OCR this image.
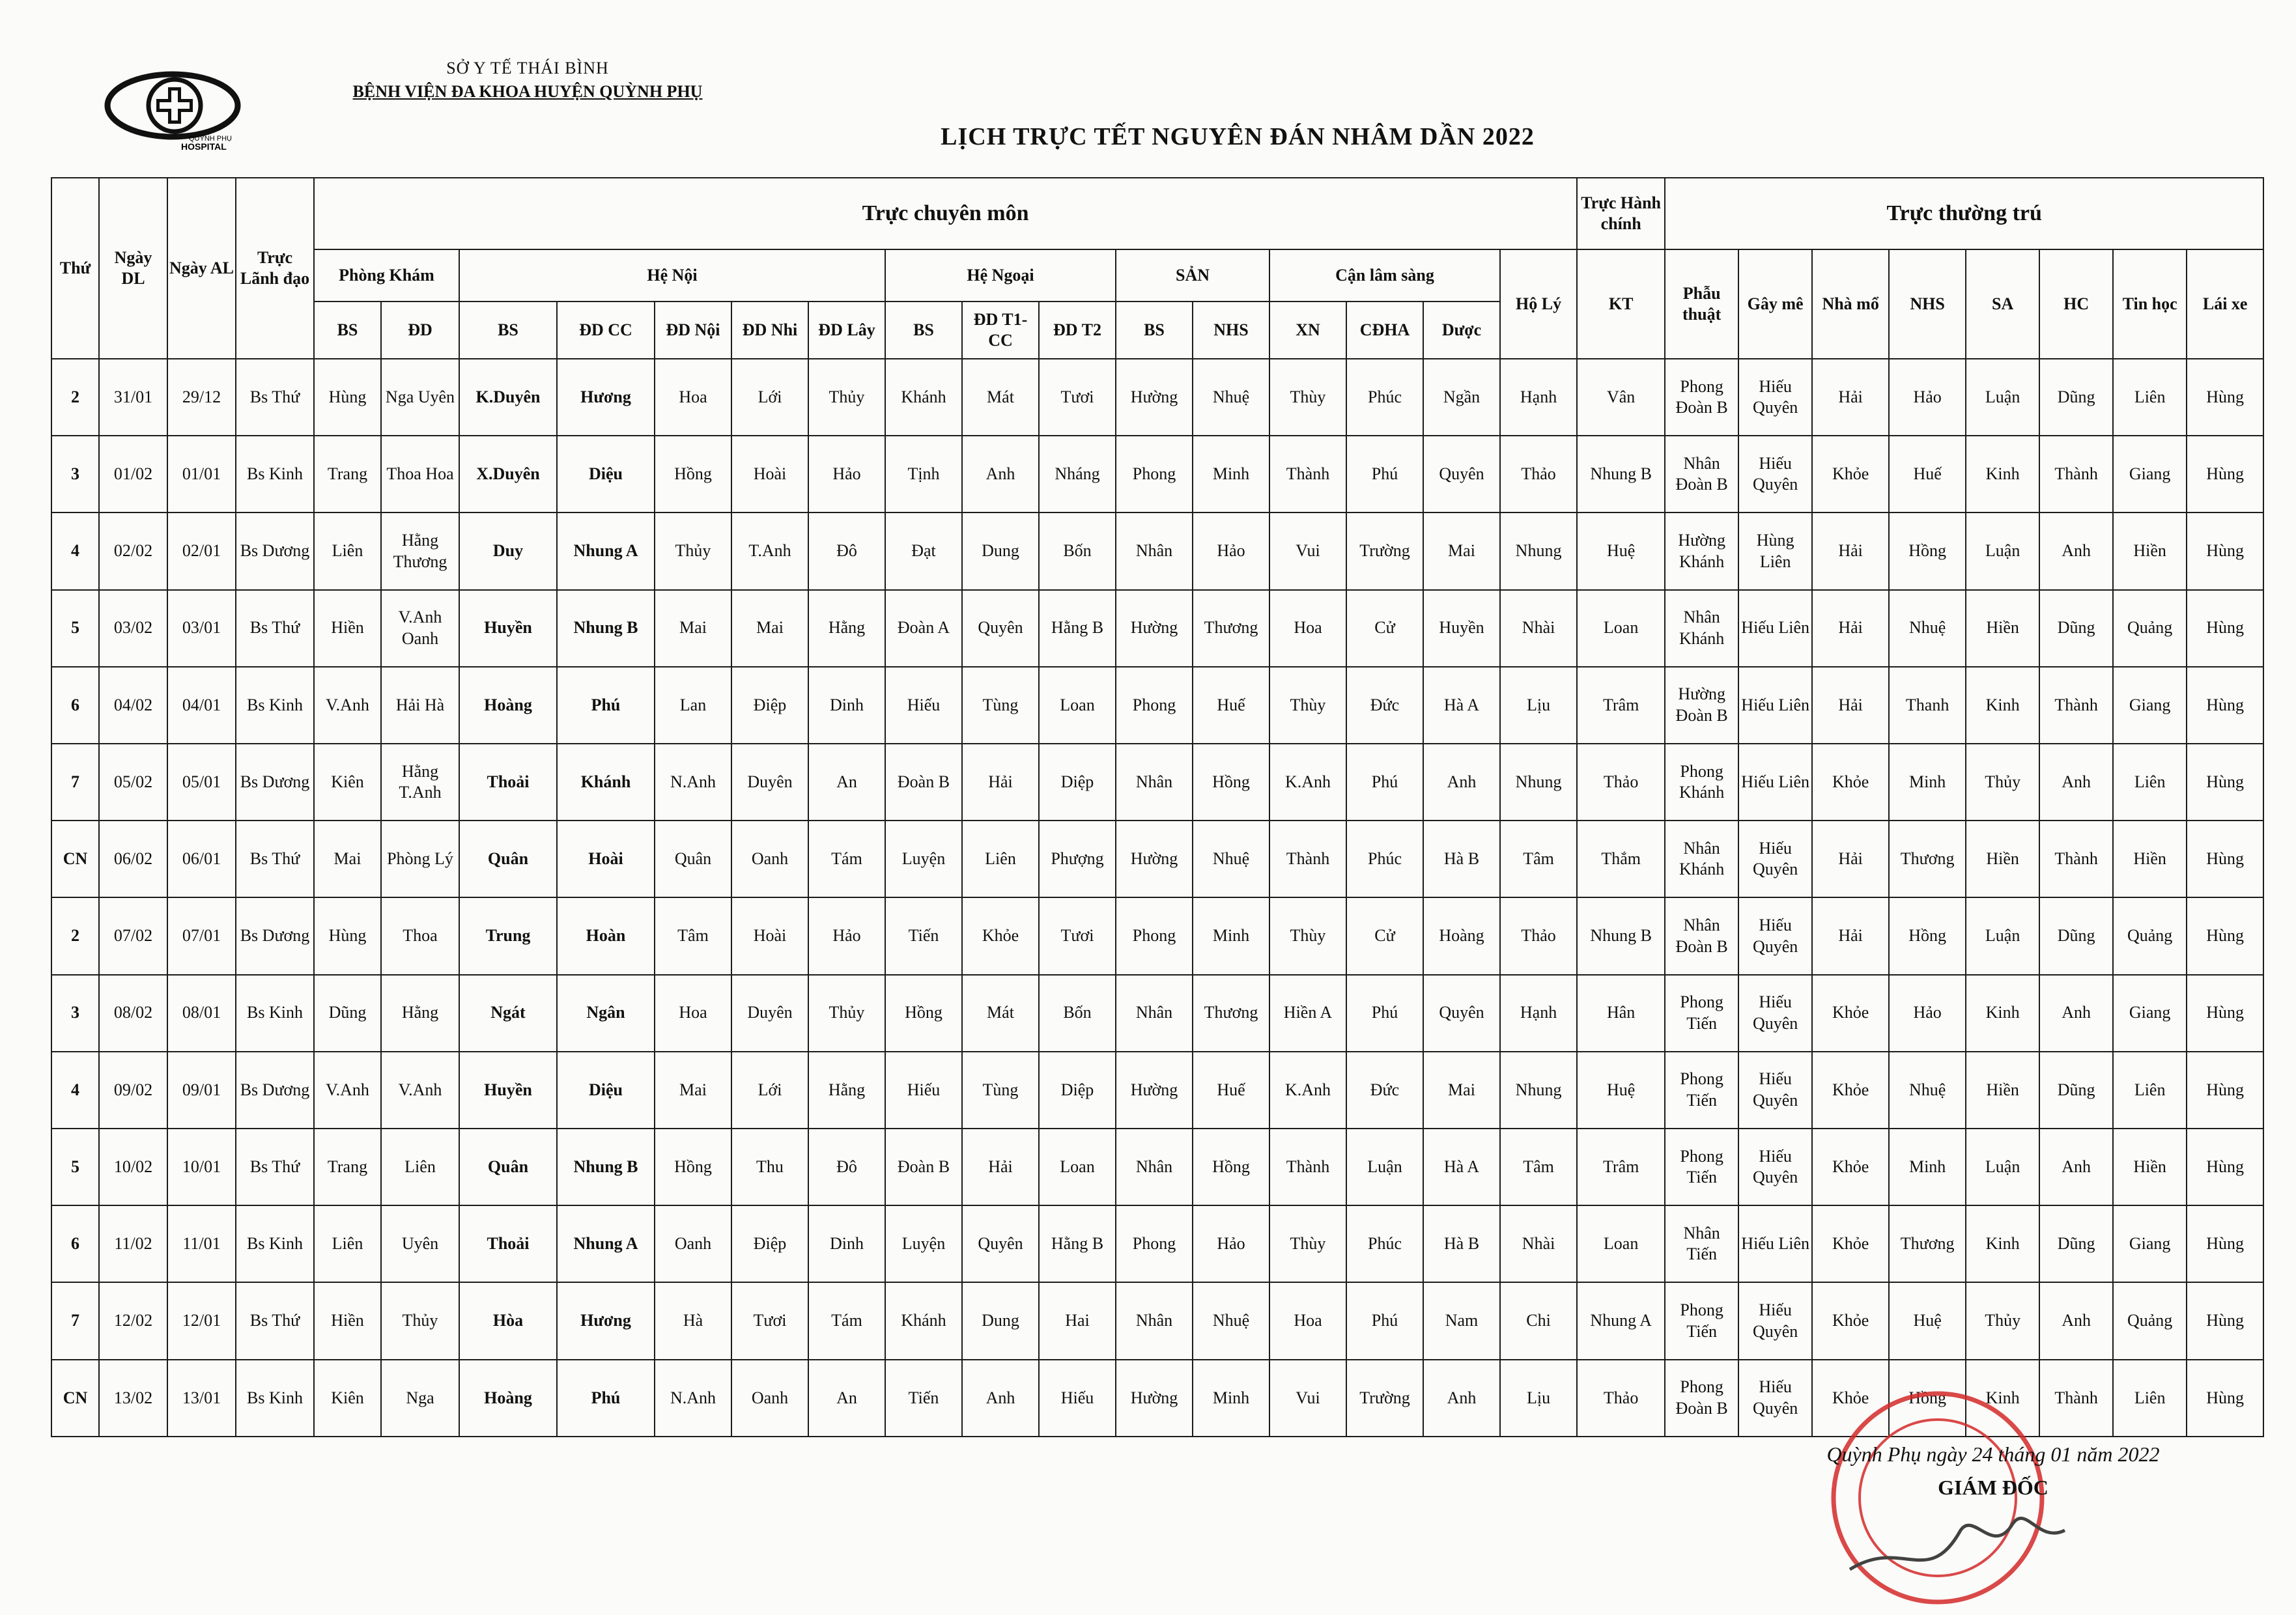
QUỲNH PHỤ
HOSPITAL
SỞ Y TẾ THÁI BÌNH
BỆNH VIỆN ĐA KHOA HUYỆN QUỲNH PHỤ
LỊCH TRỰC TẾT NGUYÊN ĐÁN NHÂM DẦN 2022
Thứ	Ngày DL	Ngày AL	Trực Lãnh đạo	Trực chuyên môn																Trực Hành chính	Trực thường trú							
				Phòng Khám		Hệ Nội					Hệ Ngoại			SẢN		Cận lâm sàng			Hộ Lý	KT	Phẫu thuật	Gây mê	Nhà mổ	NHS	SA	HC	Tin học	Lái xe
				BS	ĐD	BS	ĐD CC	ĐD Nội	ĐD Nhi	ĐD Lây	BS	ĐD T1-CC	ĐD T2	BS	NHS	XN	CĐHA	Dược										
2	31/01	29/12	Bs Thứ	Hùng	Nga Uyên	K.Duyên	Hương	Hoa	Lới	Thủy	Khánh	Mát	Tươi	Hường	Nhuệ	Thùy	Phúc	Ngần	Hạnh	Vân	Phong Đoàn B	Hiếu Quyên	Hải	Hảo	Luận	Dũng	Liên	Hùng
3	01/02	01/01	Bs Kinh	Trang	Thoa Hoa	X.Duyên	Diệu	Hồng	Hoài	Hảo	Tịnh	Anh	Nháng	Phong	Minh	Thành	Phú	Quyên	Thảo	Nhung B	Nhân Đoàn B	Hiếu Quyên	Khỏe	Huế	Kinh	Thành	Giang	Hùng
4	02/02	02/01	Bs Dương	Liên	Hằng Thương	Duy	Nhung A	Thủy	T.Anh	Đô	Đạt	Dung	Bốn	Nhân	Hảo	Vui	Trường	Mai	Nhung	Huệ	Hường Khánh	Hùng Liên	Hải	Hồng	Luận	Anh	Hiền	Hùng
5	03/02	03/01	Bs Thứ	Hiền	V.Anh Oanh	Huyền	Nhung B	Mai	Mai	Hằng	Đoàn A	Quyên	Hằng B	Hường	Thương	Hoa	Cử	Huyền	Nhài	Loan	Nhân Khánh	Hiếu Liên	Hải	Nhuệ	Hiền	Dũng	Quảng	Hùng
6	04/02	04/01	Bs Kinh	V.Anh	Hải Hà	Hoàng	Phú	Lan	Điệp	Dinh	Hiếu	Tùng	Loan	Phong	Huế	Thùy	Đức	Hà A	Lịu	Trâm	Hường Đoàn B	Hiếu Liên	Hải	Thanh	Kinh	Thành	Giang	Hùng
7	05/02	05/01	Bs Dương	Kiên	Hằng T.Anh	Thoải	Khánh	N.Anh	Duyên	An	Đoàn B	Hải	Diệp	Nhân	Hồng	K.Anh	Phú	Anh	Nhung	Thảo	Phong Khánh	Hiếu Liên	Khỏe	Minh	Thủy	Anh	Liên	Hùng
CN	06/02	06/01	Bs Thứ	Mai	Phòng Lý	Quân	Hoài	Quân	Oanh	Tám	Luyện	Liên	Phượng	Hường	Nhuệ	Thành	Phúc	Hà B	Tâm	Thắm	Nhân Khánh	Hiếu Quyên	Hải	Thương	Hiền	Thành	Hiền	Hùng
2	07/02	07/01	Bs Dương	Hùng	Thoa	Trung	Hoàn	Tâm	Hoài	Hảo	Tiến	Khỏe	Tươi	Phong	Minh	Thùy	Cử	Hoàng	Thảo	Nhung B	Nhân Đoàn B	Hiếu Quyên	Hải	Hồng	Luận	Dũng	Quảng	Hùng
3	08/02	08/01	Bs Kinh	Dũng	Hằng	Ngát	Ngân	Hoa	Duyên	Thủy	Hồng	Mát	Bốn	Nhân	Thương	Hiền A	Phú	Quyên	Hạnh	Hân	Phong Tiến	Hiếu Quyên	Khỏe	Hảo	Kinh	Anh	Giang	Hùng
4	09/02	09/01	Bs Dương	V.Anh	V.Anh	Huyền	Diệu	Mai	Lới	Hằng	Hiếu	Tùng	Diệp	Hường	Huế	K.Anh	Đức	Mai	Nhung	Huệ	Phong Tiến	Hiếu Quyên	Khỏe	Nhuệ	Hiền	Dũng	Liên	Hùng
5	10/02	10/01	Bs Thứ	Trang	Liên	Quân	Nhung B	Hồng	Thu	Đô	Đoàn B	Hải	Loan	Nhân	Hồng	Thành	Luận	Hà A	Tâm	Trâm	Phong Tiến	Hiếu Quyên	Khỏe	Minh	Luận	Anh	Hiền	Hùng
6	11/02	11/01	Bs Kinh	Liên	Uyên	Thoải	Nhung A	Oanh	Điệp	Dinh	Luyện	Quyên	Hằng B	Phong	Hảo	Thùy	Phúc	Hà B	Nhài	Loan	Nhân Tiến	Hiếu Liên	Khỏe	Thương	Kinh	Dũng	Giang	Hùng
7	12/02	12/01	Bs Thứ	Hiền	Thủy	Hòa	Hương	Hà	Tươi	Tám	Khánh	Dung	Hai	Nhân	Nhuệ	Hoa	Phú	Nam	Chi	Nhung A	Phong Tiến	Hiếu Quyên	Khỏe	Huệ	Thủy	Anh	Quảng	Hùng
CN	13/02	13/01	Bs Kinh	Kiên	Nga	Hoàng	Phú	N.Anh	Oanh	An	Tiến	Anh	Hiếu	Hường	Minh	Vui	Trường	Anh	Lịu	Thảo	Phong Đoàn B	Hiếu Quyên	Khỏe	Hồng	Kinh	Thành	Liên	Hùng
Quỳnh Phụ ngày 24 tháng 01 năm 2022
GIÁM ĐỐC
